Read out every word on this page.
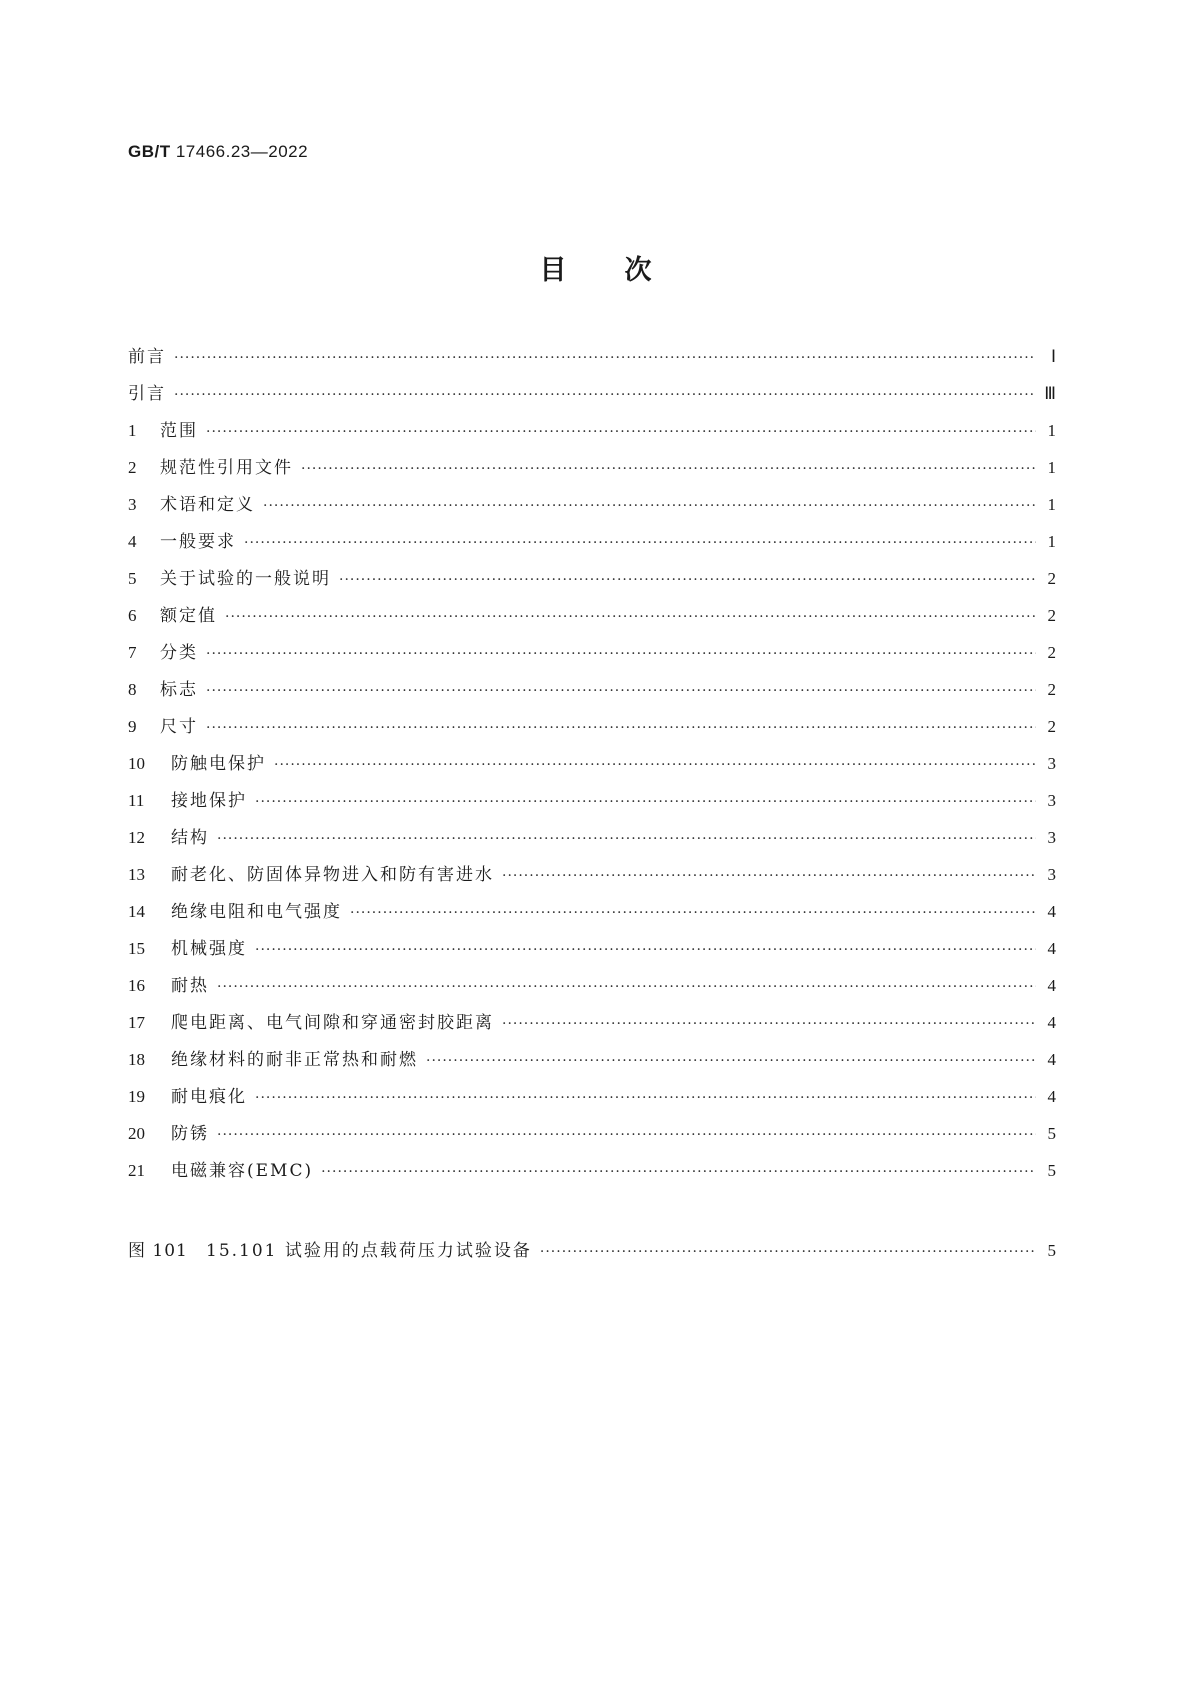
GB/T 17466.23—2022

目次
前言 ·····	Ⅰ
引言 ·····	Ⅲ
1	范围 ·····	1
2	规范性引用文件 ·····	1
3	术语和定义 ·····	1
4	一般要求 ·····	1
5	关于试验的一般说明 ·····	2
6	额定值 ·····	2
7	分类 ·····	2
8	标志 ·····	2
9	尺寸 ·····	2
10	防触电保护 ·····	3
11	接地保护 ·····	3
12	结构 ·····	3
13	耐老化、防固体异物进入和防有害进水 ·····	3
14	绝缘电阻和电气强度 ·····	4
15	机械强度 ·····	4
16	耐热 ·····	4
17	爬电距离、电气间隙和穿通密封胶距离 ·····	4
18	绝缘材料的耐非正常热和耐燃 ·····	4
19	耐电痕化 ·····	4
20	防锈 ·····	5
21	电磁兼容(EMC) ·····	5
图 101	15.101 试验用的点载荷压力试验设备 ·····	5
